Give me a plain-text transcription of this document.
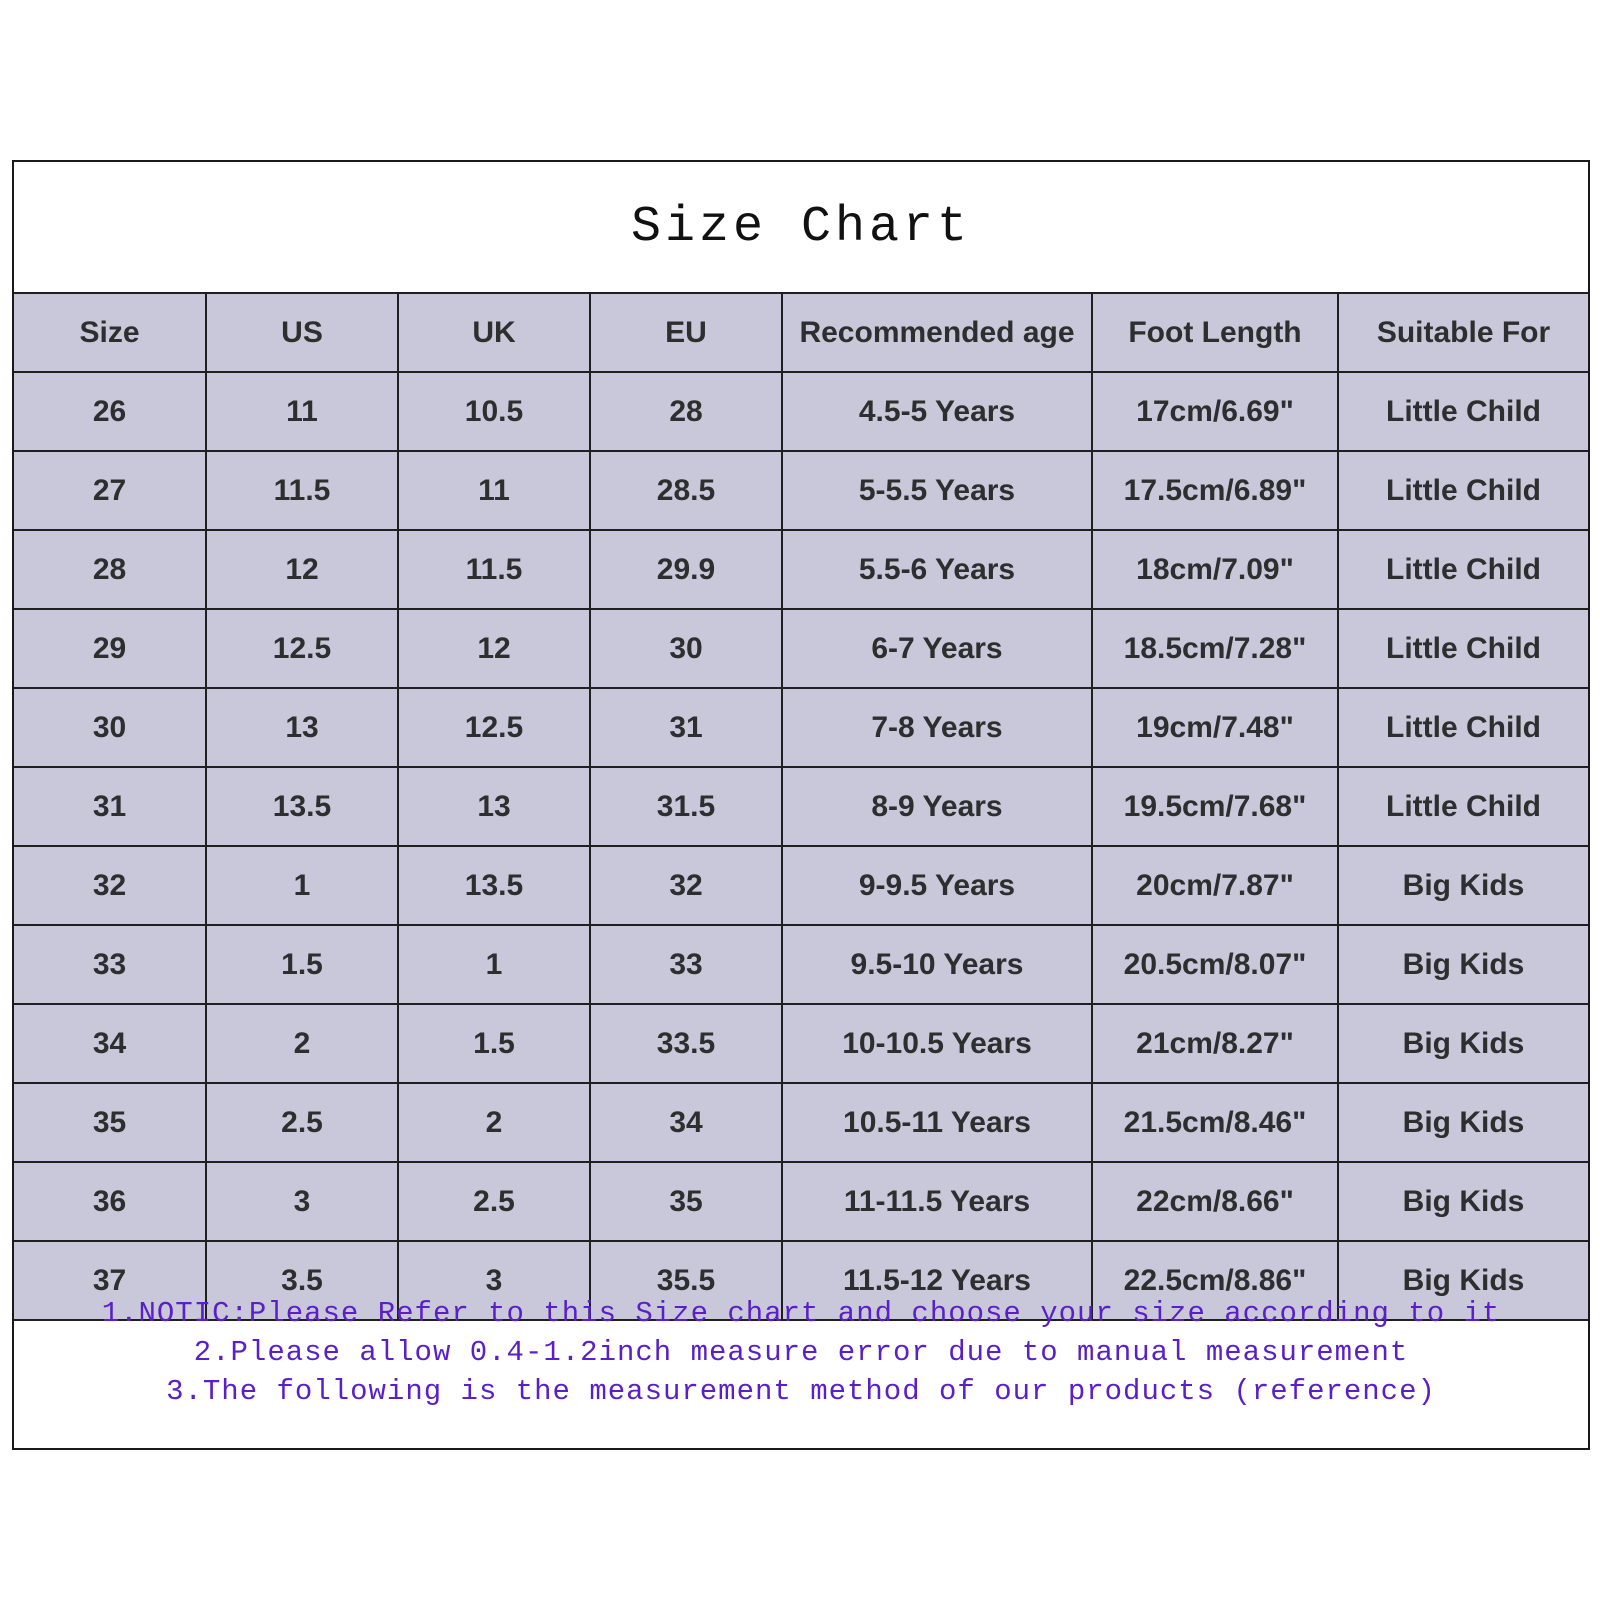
Size Chart
Size	US	UK	EU	Recommended age	Foot Length	Suitable For
26	11	10.5	28	4.5-5 Years	17cm/6.69"	Little Child
27	11.5	11	28.5	5-5.5 Years	17.5cm/6.89"	Little Child
28	12	11.5	29.9	5.5-6 Years	18cm/7.09"	Little Child
29	12.5	12	30	6-7 Years	18.5cm/7.28"	Little Child
30	13	12.5	31	7-8 Years	19cm/7.48"	Little Child
31	13.5	13	31.5	8-9 Years	19.5cm/7.68"	Little Child
32	1	13.5	32	9-9.5 Years	20cm/7.87"	Big Kids
33	1.5	1	33	9.5-10 Years	20.5cm/8.07"	Big Kids
34	2	1.5	33.5	10-10.5 Years	21cm/8.27"	Big Kids
35	2.5	2	34	10.5-11 Years	21.5cm/8.46"	Big Kids
36	3	2.5	35	11-11.5 Years	22cm/8.66"	Big Kids
37	3.5	3	35.5	11.5-12 Years	22.5cm/8.86"	Big Kids
1.NOTIC:Please Refer to this Size chart and choose your size according to it
2.Please allow 0.4-1.2inch measure error due to manual measurement
3.The following is the measurement method of our products (reference)
